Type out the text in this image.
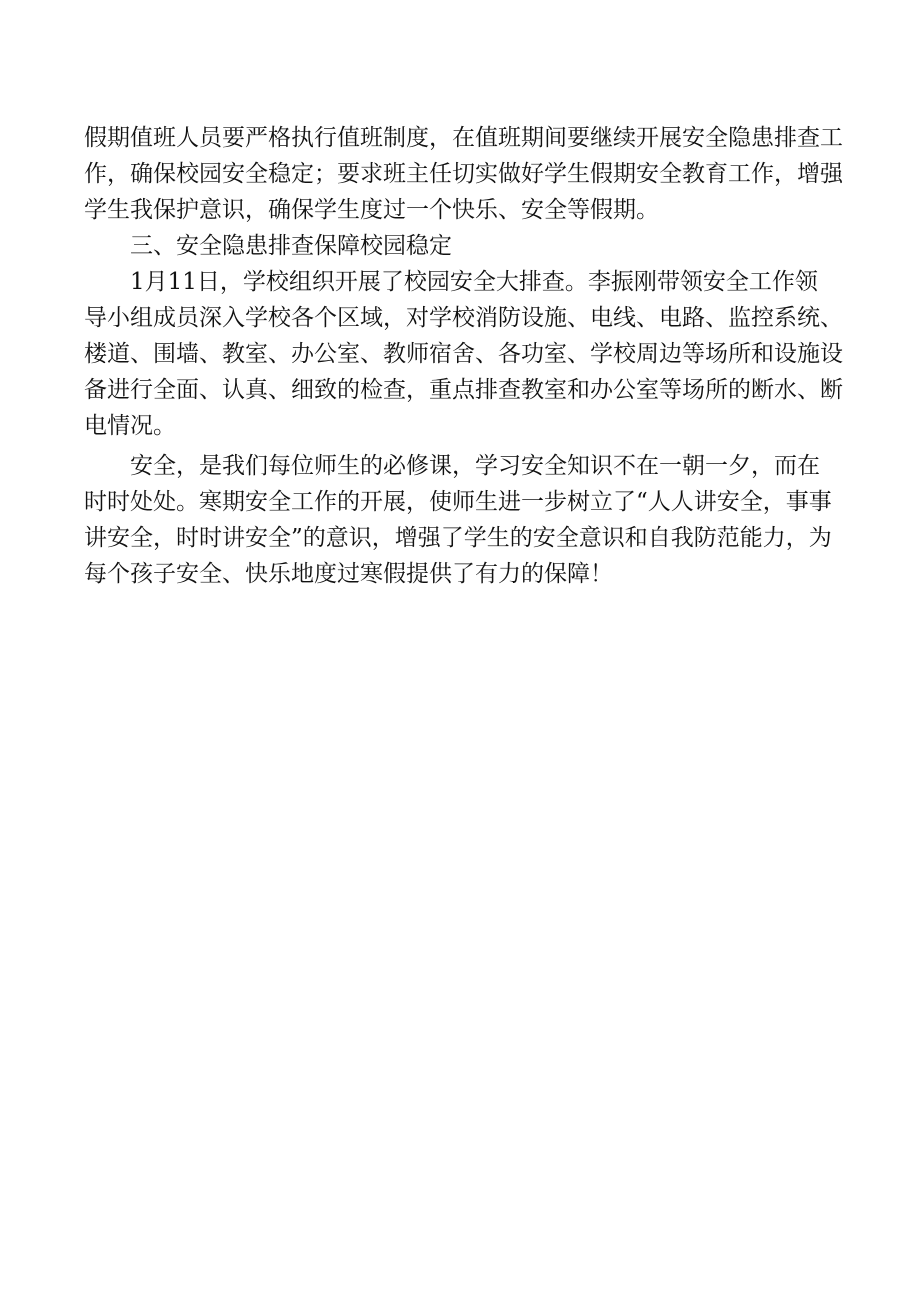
假期值班人员要严格执行值班制度，在值班期间要继续开展安全隐患排查工
作，确保校园安全稳定；要求班主任切实做好学生假期安全教育工作，增强
学生我保护意识，确保学生度过一个快乐、安全等假期。
三、安全隐患排查保障校园稳定
1月11日，学校组织开展了校园安全大排查。李振刚带领安全工作领
导小组成员深入学校各个区域，对学校消防设施、电线、电路、监控系统、
楼道、围墙、教室、办公室、教师宿舍、各功室、学校周边等场所和设施设
备进行全面、认真、细致的检查，重点排查教室和办公室等场所的断水、断
电情况。
安全，是我们每位师生的必修课，学习安全知识不在一朝一夕，而在
时时处处。寒期安全工作的开展，使师生进一步树立了“人人讲安全，事事
讲安全，时时讲安全”的意识，增强了学生的安全意识和自我防范能力，为
每个孩子安全、快乐地度过寒假提供了有力的保障！
